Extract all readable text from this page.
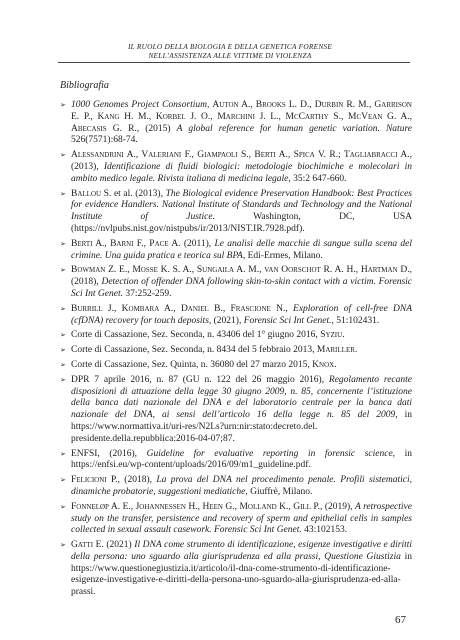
IL RUOLO DELLA BIOLOGIA E DELLA GENETICA FORENSE
NELL’ASSISTENZA ALLE VITTIME DI VIOLENZA
Bibliografia
➢ 1000 Genomes Project Consortium, Auton A., Brooks L. D., Durbin R. M., Garrison E. P., Kang H. M., Korbel J. O., Marchini J. L., McCarthy S., McVean G. A., Abecasis G. R., (2015) A global reference for human genetic variation. Nature 526(7571):68-74.
➢ Alessandrini A., Valeriani F., Giampaoli S., Berti A., Spica V. R.; Tagliabracci A., (2013), Identificazione di fluidi biologici: metodologie biochimiche e molecolari in ambito medico legale. Rivista italiana di medicina legale, 35:2 647-660.
➢ Ballou S. et al. (2013), The Biological evidence Preservation Handbook: Best Practices for evidence Handlers. National Institute of Standards and Technology and the National Institute of Justice. Washington, DC, USA (https://nvlpubs.nist.gov/nistpubs/ir/2013/NIST.IR.7928.pdf).
➢ Berti A., Barni F., Pace A. (2011), Le analisi delle macchie di sangue sulla scena del crimine. Una guida pratica e teorica sul BPA, Edi-Ermes, Milano.
➢ Bowman Z. E., Mosse K. S. A., Sungaila A. M., van Oorschot R. A. H., Hartman D., (2018), Detection of offender DNA following skin-to-skin contact with a victim. Forensic Sci Int Genet. 37:252-259.
➢ Burrill J., Kombara A., Daniel B., Frascione N., Exploration of cell-free DNA (cfDNA) recovery for touch deposits, (2021), Forensic Sci Int Genet., 51:102431.
➢ Corte di Cassazione, Sez. Seconda, n. 43406 del 1° giugno 2016, Syziu.
➢ Corte di Cassazione, Sez. Seconda, n. 8434 del 5 febbraio 2013, Mariller.
➢ Corte di Cassazione, Sez. Quinta, n. 36080 del 27 marzo 2015, Knox.
➢ DPR 7 aprile 2016, n. 87 (GU n. 122 del 26 maggio 2016), Regolamento recante disposizioni di attuazione della legge 30 giugno 2009, n. 85, concernente l’istituzione della banca dati nazionale del DNA e del laboratorio centrale per la banca dati nazionale del DNA, ai sensi dell’articolo 16 della legge n. 85 del 2009, in https://www.normattiva.it/uri-res/N2Ls?urn:nir:stato:decreto.del. presidente.della.repubblica:2016-04-07;87.
➢ ENFSI, (2016), Guideline for evaluative reporting in forensic science, in https://enfsi.eu/wp-content/uploads/2016/09/m1_guideline.pdf.
➢ Felicioni P., (2018), La prova del DNA nel procedimento penale. Profili sistematici, dinamiche probatorie, suggestioni mediatiche, Giuffrè, Milano.
➢ Fonneløp A. E., Johannessen H., Heen G., Molland K., Gill P., (2019), A retrospective study on the transfer, persistence and recovery of sperm and epithelial cells in samples collected in sexual assault casework. Forensic Sci Int Genet. 43:102153.
➢ Gatti E. (2021) Il DNA come strumento di identificazione, esigenze investigative e diritti della persona: uno sguardo alla giurisprudenza ed alla prassi, Questione Giustizia in https://www.questionegiustizia.it/articolo/il-dna-come-strumento-di-identificazione-esigenze-investigative-e-diritti-della-persona-uno-sguardo-alla-giurisprudenza-ed-alla-prassi.
67
